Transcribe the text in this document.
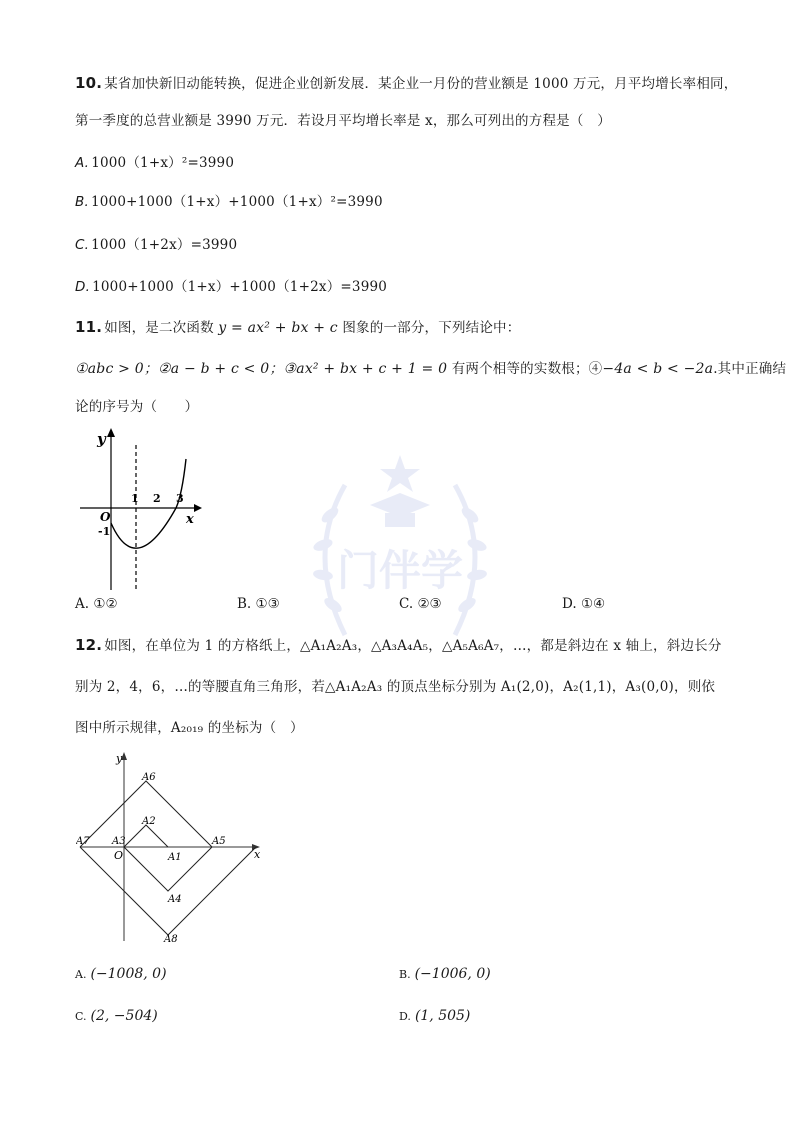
门伴学
10. 某省加快新旧动能转换，促进企业创新发展．某企业一月份的营业额是 1000 万元，月平均增长率相同，
第一季度的总营业额是 3990 万元．若设月平均增长率是 x，那么可列出的方程是（　）
A. 1000（1+x）²=3990
B. 1000+1000（1+x）+1000（1+x）²=3990
C. 1000（1+2x）=3990
D. 1000+1000（1+x）+1000（1+2x）=3990
11. 如图，是二次函数 y = ax² + bx + c 图象的一部分，下列结论中：
①abc > 0；②a − b + c < 0；③ax² + bx + c + 1 = 0 有两个相等的实数根；④−4a < b < −2a.其中正确结
论的序号为（　　）
y
x
O
-1
1 2 3
A. ①②	B. ①③	C. ②③	D. ①④
12. 如图，在单位为 1 的方格纸上，△A₁A₂A₃，△A₃A₄A₅，△A₅A₆A₇，…，都是斜边在 x 轴上，斜边长分
别为 2，4，6，…的等腰直角三角形，若△A₁A₂A₃ 的顶点坐标分别为 A₁(2,0)，A₂(1,1)，A₃(0,0)，则依
图中所示规律，A₂₀₁₉ 的坐标为（　）
y
x
O	A1
A2
A3
A4
A5
A6
A7
A8
A. (−1008, 0)	B. (−1006, 0)
C. (2, −504)	D. (1, 505)
